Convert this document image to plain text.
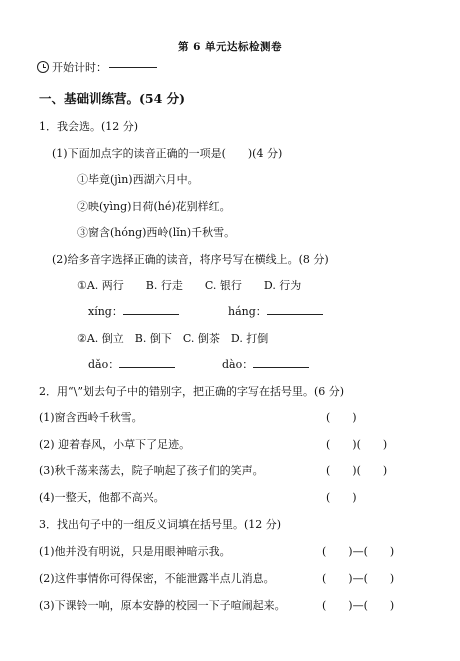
第 6 单元达标检测卷
开始计时：
一、基础训练营。(54 分)
1．我会选。(12 分)
(1)下面加点字的读音正确的一项是(　　)(4 分)
①毕竟(jìn)西湖六月中。
②映(yìng)日荷(hé)花别样红。
③窗含(hóng)西岭(lǐn)千秋雪。
(2)给多音字选择正确的读音，将序号写在横线上。(8 分)
①A. 两行　　B. 行走　　C. 银行　　D. 行为
xíng：	háng：
②A. 倒立　B. 倒下　C. 倒茶　D. 打倒
dǎo：	dào：
2．用“\”划去句子中的错别字，把正确的字写在括号里。(6 分)
(1)窗含西岭千秋雪。	(　　)
(2) 迎着春风，小草下了足迹。	(　　)(　　)
(3)秋千荡来荡去，院子响起了孩子们的笑声。	(　　)(　　)
(4)一整天，他都不高兴。	(　　)
3．找出句子中的一组反义词填在括号里。(12 分)
(1)他并没有明说，只是用眼神暗示我。	(　　)—(　　)
(2)这件事情你可得保密，不能泄露半点儿消息。	(　　)—(　　)
(3)下课铃一响，原本安静的校园一下子喧闹起来。	(　　)—(　　)
